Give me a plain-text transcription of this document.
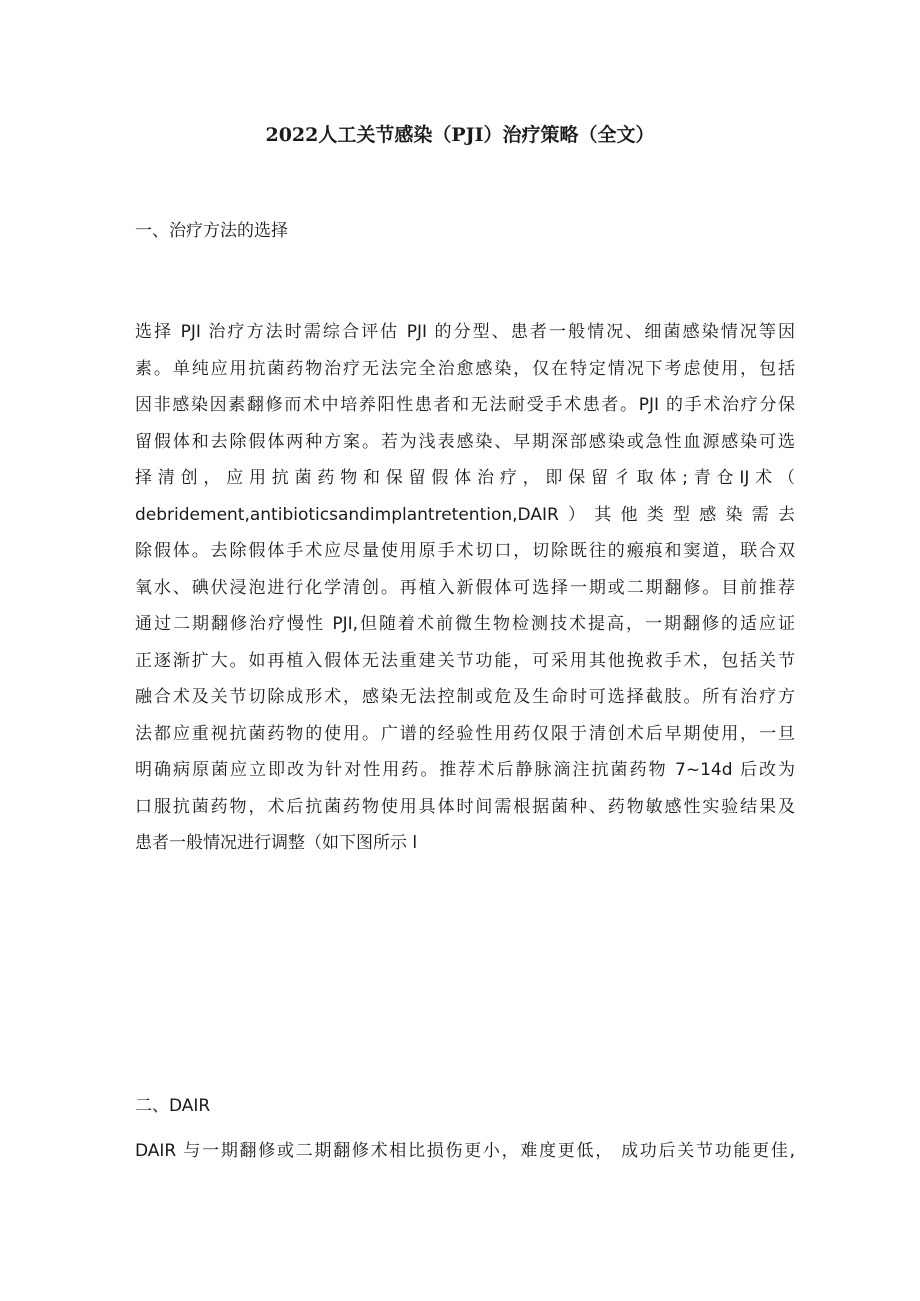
2022人工关节感染（PJI）治疗策略（全文）
一、治疗方法的选择
选择 PJI 治疗方法时需综合评估 PJI 的分型、患者一般情况、细菌感染情况等因
素。单纯应用抗菌药物治疗无法完全治愈感染，仅在特定情况下考虑使用，包括
因非感染因素翻修而术中培养阳性患者和无法耐受手术患者。PJI 的手术治疗分保
留假体和去除假体两种方案。若为浅表感染、早期深部感染或急性血源感染可选
择清创，应用抗菌药物和保留假体治疗，即保留彳取体;青仓IJ术（
debridement,antibioticsandimplantretention,DAIR）其他类型感染需去
除假体。去除假体手术应尽量使用原手术切口，切除既往的瘢痕和窦道，联合双
氧水、碘伏浸泡进行化学清创。再植入新假体可选择一期或二期翻修。目前推荐
通过二期翻修治疗慢性 PJI,但随着术前微生物检测技术提高，一期翻修的适应证
正逐渐扩大。如再植入假体无法重建关节功能，可采用其他挽救手术，包括关节
融合术及关节切除成形术，感染无法控制或危及生命时可选择截肢。所有治疗方
法都应重视抗菌药物的使用。广谱的经验性用药仅限于清创术后早期使用，一旦
明确病原菌应立即改为针对性用药。推荐术后静脉滴注抗菌药物 7~14d 后改为
口服抗菌药物，术后抗菌药物使用具体时间需根据菌种、药物敏感性实验结果及
患者一般情况进行调整（如下图所示 l
二、DAIR
DAIR 与一期翻修或二期翻修术相比损伤更小，难度更低， 成功后关节功能更佳,
